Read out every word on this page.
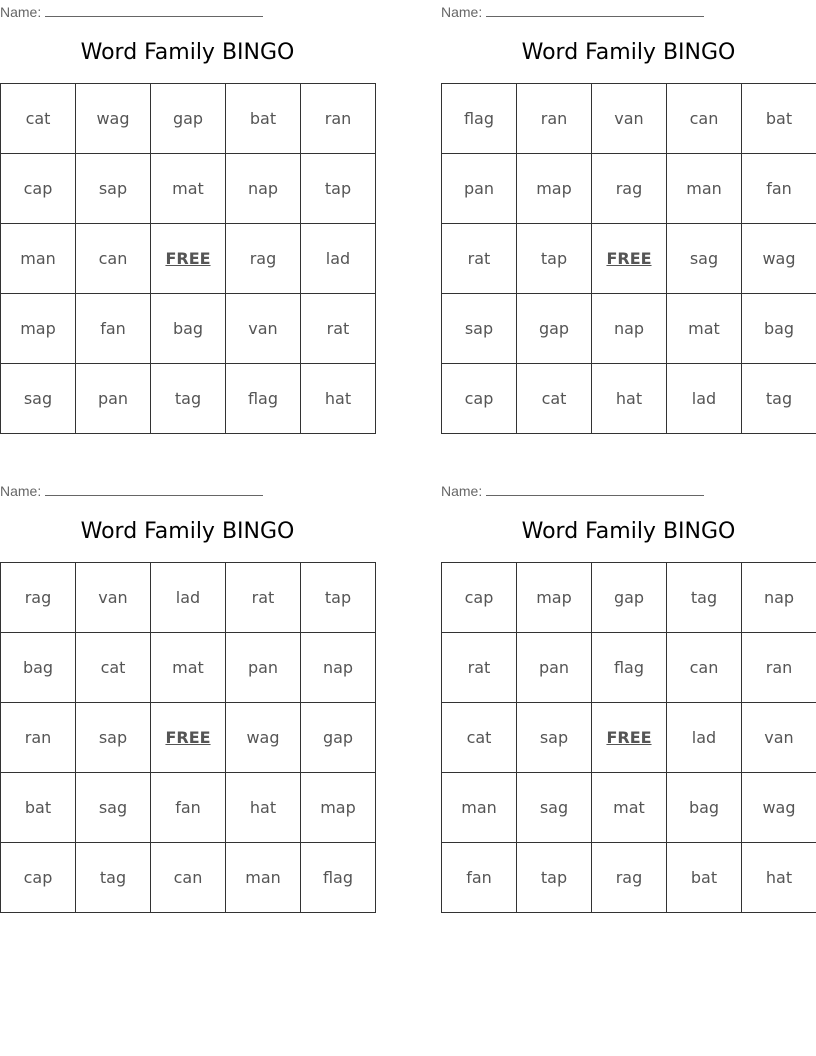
Name:
Word Family BINGO
cat	wag	gap	bat	ran
cap	sap	mat	nap	tap
man	can	FREE	rag	lad
map	fan	bag	van	rat
sag	pan	tag	flag	hat
Name:
Word Family BINGO
flag	ran	van	can	bat
pan	map	rag	man	fan
rat	tap	FREE	sag	wag
sap	gap	nap	mat	bag
cap	cat	hat	lad	tag
Name:
Word Family BINGO
rag	van	lad	rat	tap
bag	cat	mat	pan	nap
ran	sap	FREE	wag	gap
bat	sag	fan	hat	map
cap	tag	can	man	flag
Name:
Word Family BINGO
cap	map	gap	tag	nap
rat	pan	flag	can	ran
cat	sap	FREE	lad	van
man	sag	mat	bag	wag
fan	tap	rag	bat	hat
